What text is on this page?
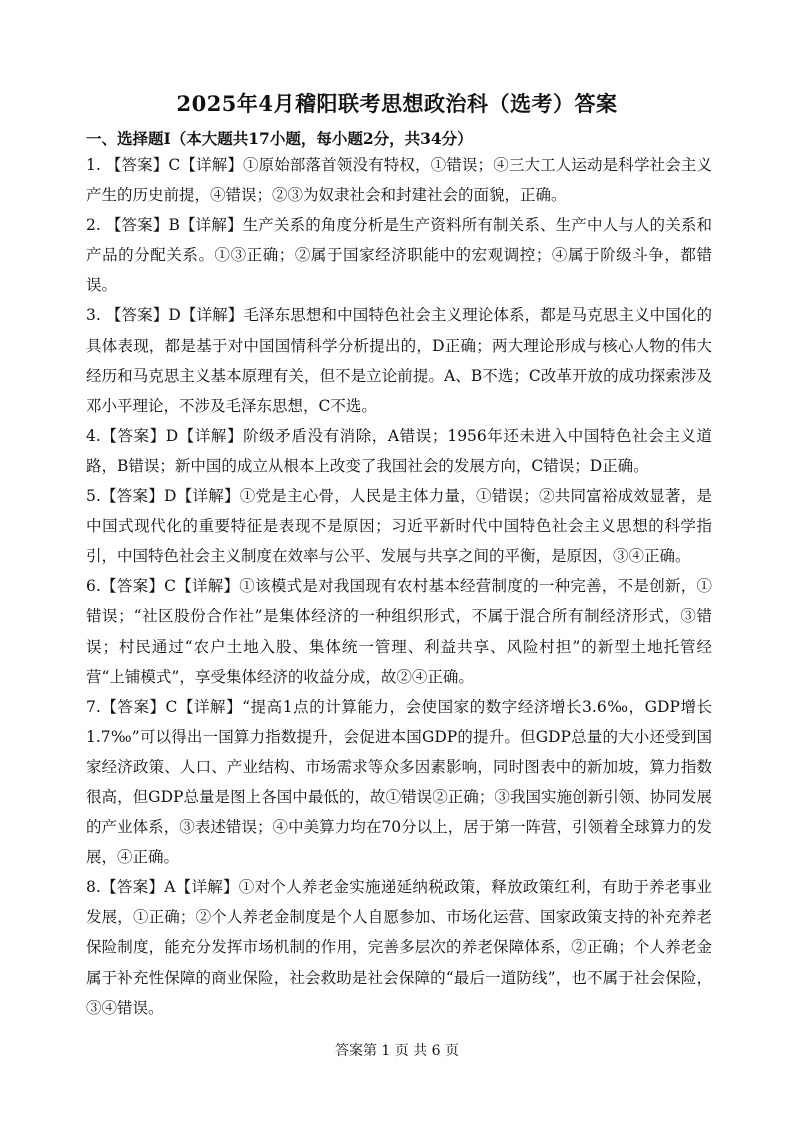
2025年4月稽阳联考思想政治科（选考）答案
一、选择题Ⅰ（本大题共17小题，每小题2分，共34分）

1. 【答案】C【详解】①原始部落首领没有特权，①错误；④三大工人运动是科学社会主义产生的历史前提，④错误；②③为奴隶社会和封建社会的面貌，正确。

2. 【答案】B【详解】生产关系的角度分析是生产资料所有制关系、生产中人与人的关系和产品的分配关系。①③正确；②属于国家经济职能中的宏观调控；④属于阶级斗争，都错误。

3. 【答案】D【详解】毛泽东思想和中国特色社会主义理论体系，都是马克思主义中国化的具体表现，都是基于对中国国情科学分析提出的，D正确；两大理论形成与核心人物的伟大经历和马克思主义基本原理有关，但不是立论前提。A、B不选；C改革开放的成功探索涉及邓小平理论，不涉及毛泽东思想，C不选。

4.【答案】D【详解】阶级矛盾没有消除，A错误；1956年还未进入中国特色社会主义道路，B错误；新中国的成立从根本上改变了我国社会的发展方向，C错误；D正确。

5.【答案】D【详解】①党是主心骨，人民是主体力量，①错误；②共同富裕成效显著，是中国式现代化的重要特征是表现不是原因；习近平新时代中国特色社会主义思想的科学指引，中国特色社会主义制度在效率与公平、发展与共享之间的平衡，是原因，③④正确。

6.【答案】C【详解】①该模式是对我国现有农村基本经营制度的一种完善，不是创新，①错误；“社区股份合作社”是集体经济的一种组织形式，不属于混合所有制经济形式，③错误；村民通过“农户土地入股、集体统一管理、利益共享、风险村担”的新型土地托管经营“上铺模式”，享受集体经济的收益分成，故②④正确。

7.【答案】C【详解】“提高1点的计算能力，会使国家的数字经济增长3.6‰，GDP增长1.7‰”可以得出一国算力指数提升，会促进本国GDP的提升。但GDP总量的大小还受到国家经济政策、人口、产业结构、市场需求等众多因素影响，同时图表中的新加坡，算力指数很高，但GDP总量是图上各国中最低的，故①错误②正确；③我国实施创新引领、协同发展的产业体系，③表述错误；④中美算力均在70分以上，居于第一阵营，引领着全球算力的发展，④正确。

8.【答案】A【详解】①对个人养老金实施递延纳税政策，释放政策红利，有助于养老事业发展，①正确；②个人养老金制度是个人自愿参加、市场化运营、国家政策支持的补充养老保险制度，能充分发挥市场机制的作用，完善多层次的养老保障体系，②正确；个人养老金属于补充性保障的商业保险，社会救助是社会保障的“最后一道防线”，也不属于社会保险，③④错误。

答案第 1 页 共 6 页
